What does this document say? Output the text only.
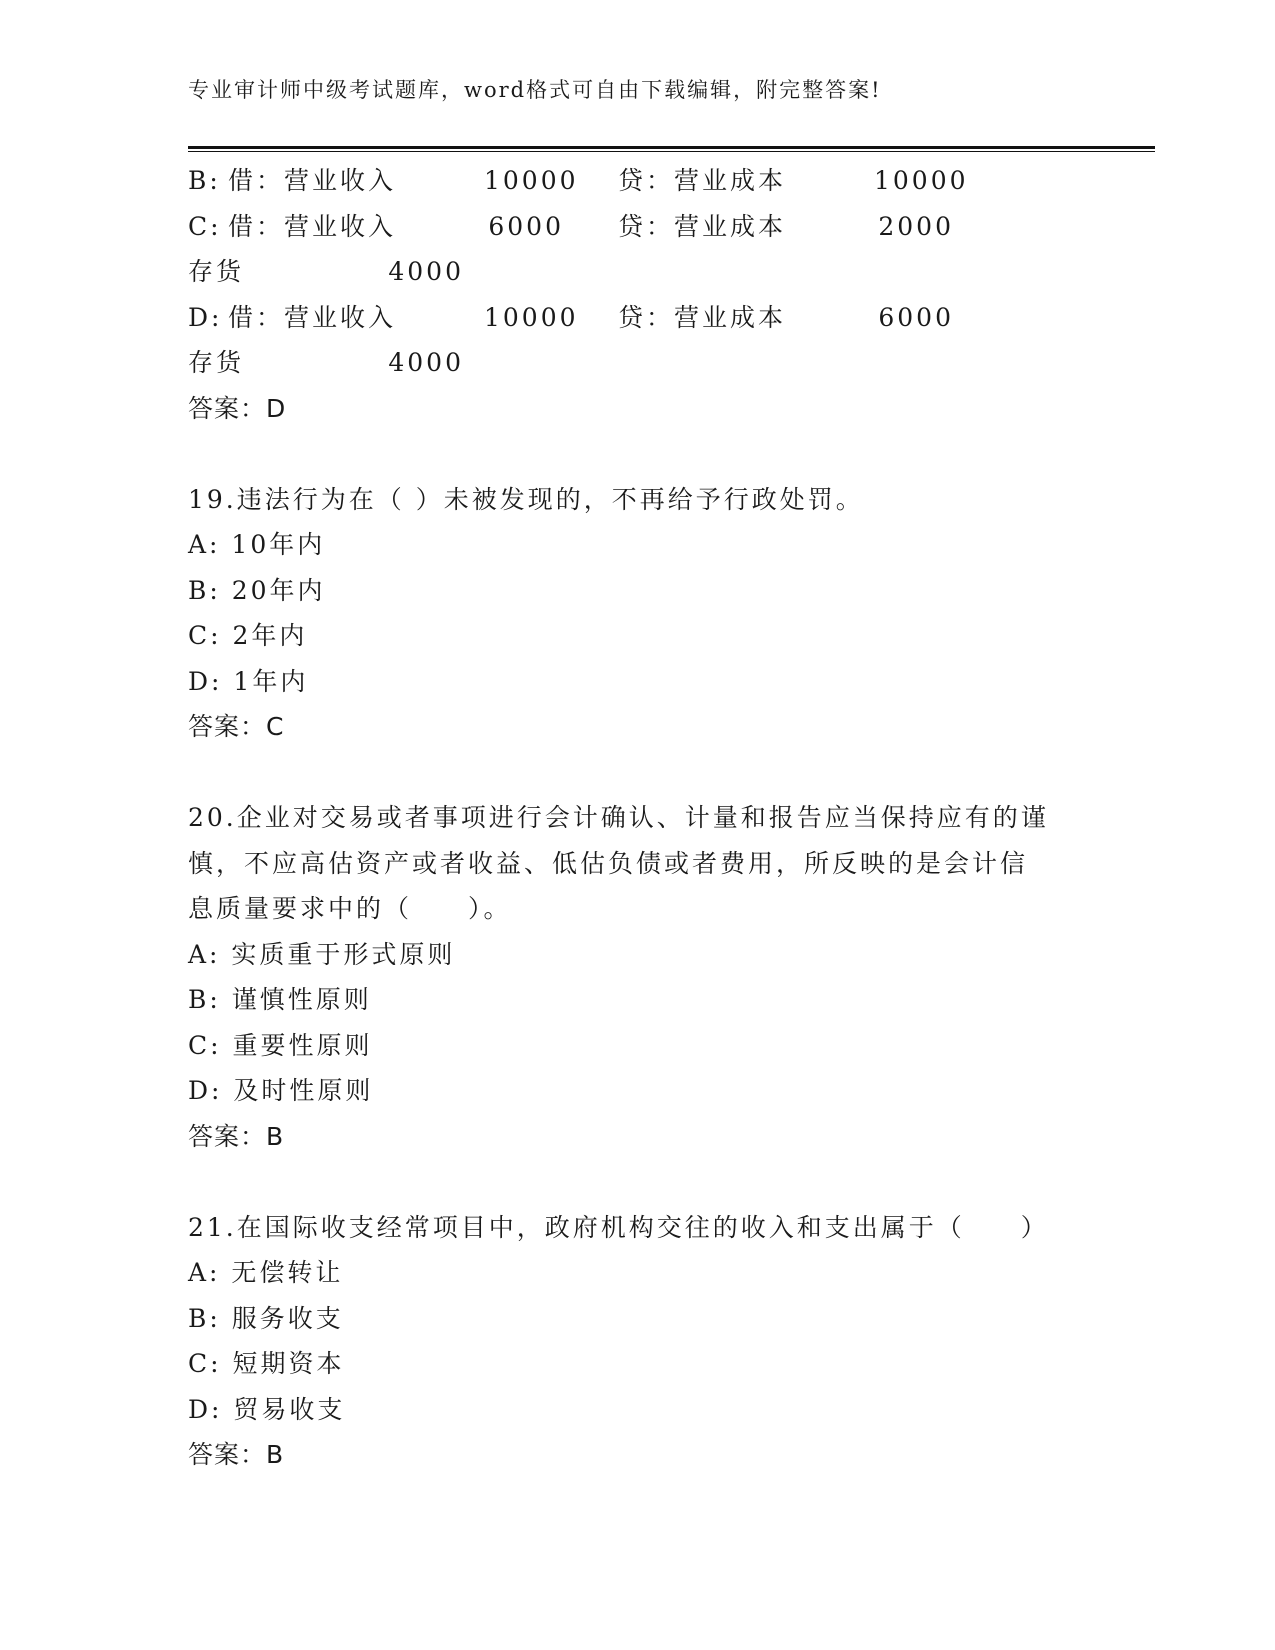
专业审计师中级考试题库，word格式可自由下载编辑，附完整答案!
B: 借：营业收入	10000 贷：营业成本	10000
C: 借：营业收入	6000 贷：营业成本	2000
存货	4000
D: 借：营业收入	10000 贷：营业成本	6000
存货	4000
答案：D
19.违法行为在（ ）未被发现的，不再给予行政处罚。
A: 10年内
B: 20年内
C: 2年内
D: 1年内
答案：C
20.企业对交易或者事项进行会计确认、计量和报告应当保持应有的谨
慎，不应高估资产或者收益、低估负债或者费用，所反映的是会计信
息质量要求中的（　　）。
A: 实质重于形式原则
B: 谨慎性原则
C: 重要性原则
D: 及时性原则
答案：B
21.在国际收支经常项目中，政府机构交往的收入和支出属于（　　）
A: 无偿转让
B: 服务收支
C: 短期资本
D: 贸易收支
答案：B
